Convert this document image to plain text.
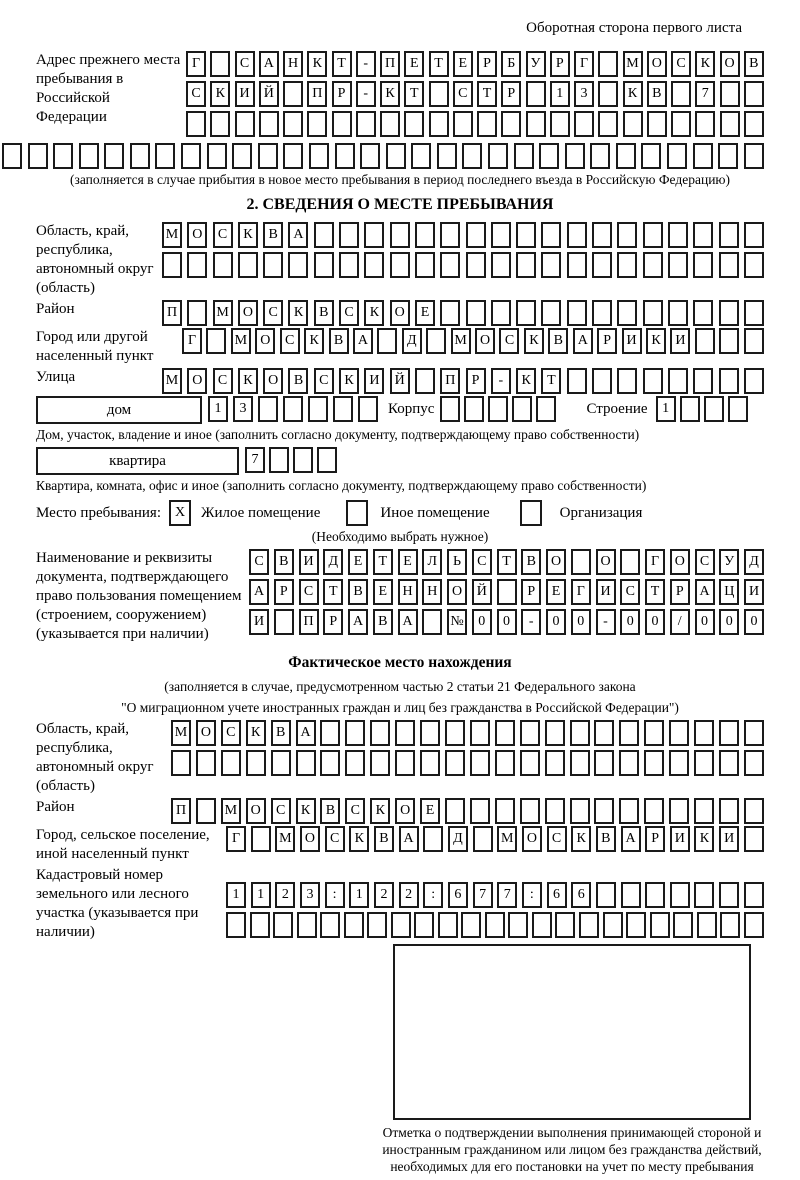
Оборотная сторона первого листа
Адрес прежнего места пребывания в Российской Федерации
Г	С	А	Н	К	Т	-	П	Е	Т	Е	Р	Б	У	Р	Г	М О	С	К	О	В
С	К	И	Й	П	Р	-	К	Т	С	Т	Р	1	3	К	В	7
(заполняется в случае прибытия в новое место пребывания в период последнего въезда в Российскую Федерацию)
2. СВЕДЕНИЯ О МЕСТЕ ПРЕБЫВАНИЯ
Область, край, республика, автономный округ (область)
М	О	С	К	В	А
Район	П	М	О	С	К	В	С	К	О	Е
Город или другой населенный пункт
Г	М О	С	К	В	А	Д	М О	С	К	В	А	Р	И	К	И
Улица	М	О	С	К	О	В	С	К	И	Й	П	Р	-	К	Т
дом	1	3	Корпус	Строение	1
Дом, участок, владение и иное (заполнить согласно документу, подтверждающему право собственности)
квартира	7
Квартира, комната, офис и иное (заполнить согласно документу, подтверждающему право собственности)
Место пребывания: X	Жилое помещение	Иное помещение	Организация
(Необходимо выбрать нужное)
Наименование и реквизиты документа, подтверждающего право пользования помещением (строением, сооружением) (указывается при наличии)
С	В	И	Д	Е	Т	Е	Л	Ь	С	Т	В	О	О	Г	О	С	У	Д
А	Р	С	Т	В	Е	Н	Н	О	Й	Р	Е	Г	И	С	Т	Р	А	Ц	И
И	П	Р	А	В	А	№	0	0	-	0	0	-	0	0	/	0	0	0
Фактическое место нахождения
(заполняется в случае, предусмотренном частью 2 статьи 21 Федерального закона
"О миграционном учете иностранных граждан и лиц без гражданства в Российской Федерации")
Область, край, республика, автономный округ (область)
М О	С	К	В	А
Район	П	М О	С	К	В	С	К	О	Е
Город, сельское поселение, иной населенный пункт
Г	М О	С	К	В	А	Д	М О	С	К	В	А	Р	И	К	И
Кадастровый номер земельного или лесного участка (указывается при наличии)
1	1	2	3	:	1	2	2	:	6	7	7	:	6	6
Отметка о подтверждении выполнения принимающей стороной и иностранным гражданином или лицом без гражданства действий, необходимых для его постановки на учет по месту пребывания
